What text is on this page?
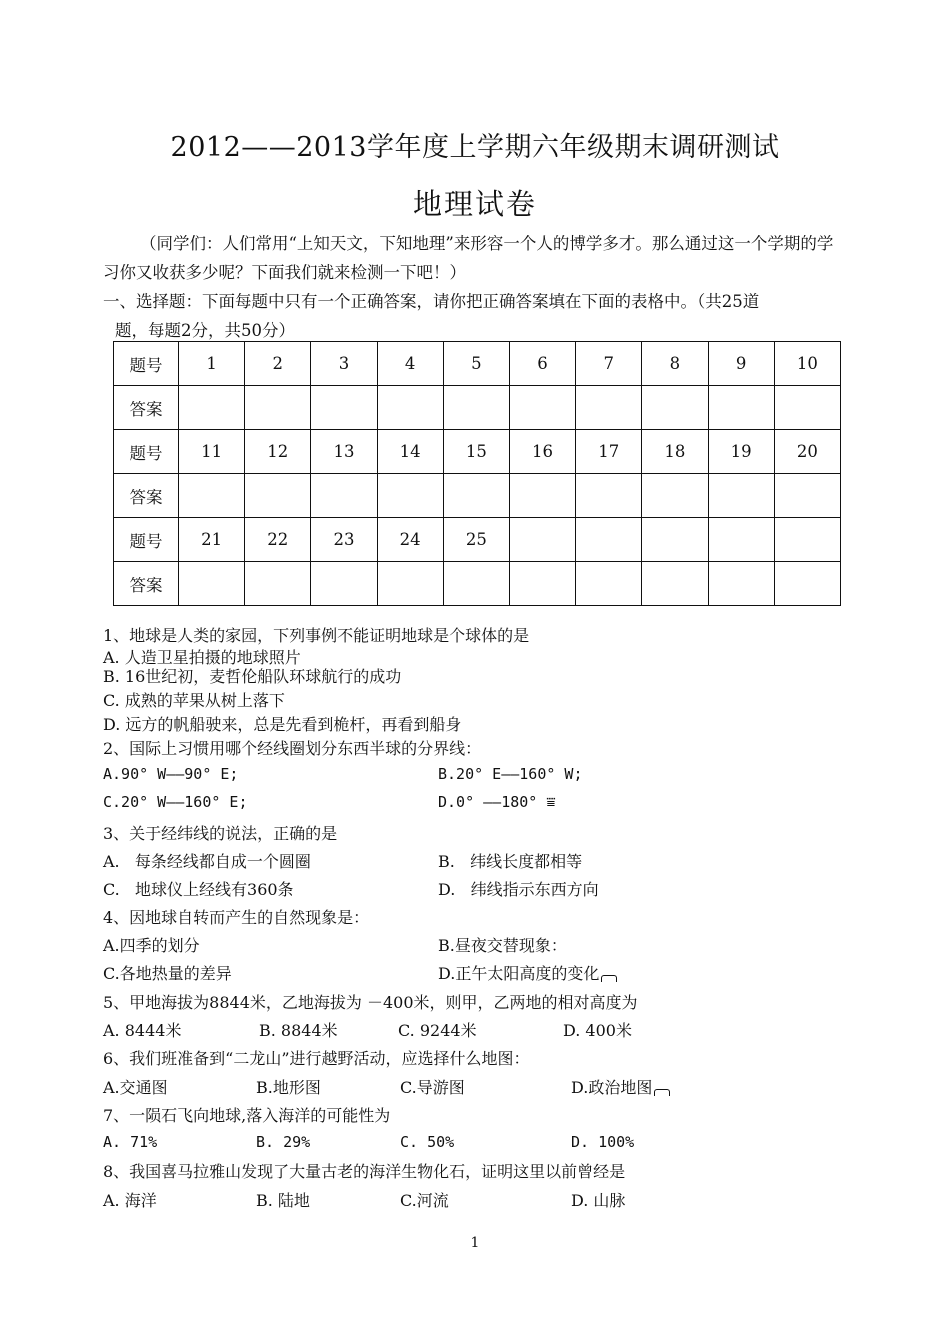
2012——2013学年度上学期六年级期末调研测试
地理试卷
（同学们：人们常用“上知天文，下知地理”来形容一个人的博学多才。那么通过这一个学期的学习你又收获多少呢？下面我们就来检测一下吧！）
一、选择题：下面每题中只有一个正确答案，请你把正确答案填在下面的表格中。（共25道
题，每题2分，共50分）
题号	1	2	3	4	5	6	7	8	9	10
答案										
题号	11	12	13	14	15	16	17	18	19	20
答案										
题号	21	22	23	24	25					
答案										
1、地球是人类的家园，下列事例不能证明地球是个球体的是
A. 人造卫星拍摄的地球照片
B. 16世纪初，麦哲伦船队环球航行的成功
C. 成熟的苹果从树上落下
D. 远方的帆船驶来，总是先看到桅杆，再看到船身
2、国际上习惯用哪个经线圈划分东西半球的分界线：
A.90° W——90° E;	B.20° E——160° W;
C.20° W——160° E;	D.0° ——180° ⩸
3、关于经纬线的说法，正确的是
A.   每条经线都自成一个圆圈	B.   纬线长度都相等
C.   地球仪上经线有360条	D.   纬线指示东西方向
4、因地球自转而产生的自然现象是：
A.四季的划分	B.昼夜交替现象：
C.各地热量的差异	D.正午太阳高度的变化
5、甲地海拔为8844米，乙地海拔为 －400米，则甲，乙两地的相对高度为
A. 8444米	B. 8844米	C. 9244米	D. 400米
6、我们班准备到“二龙山”进行越野活动，应选择什么地图：
A.交通图	B.地形图	C.导游图	D.政治地图
7、一陨石飞向地球,落入海洋的可能性为
A. 71%	B. 29%	C. 50%	D. 100%
8、我国喜马拉雅山发现了大量古老的海洋生物化石，证明这里以前曾经是
A. 海洋	B. 陆地	C.河流	D. 山脉
1
